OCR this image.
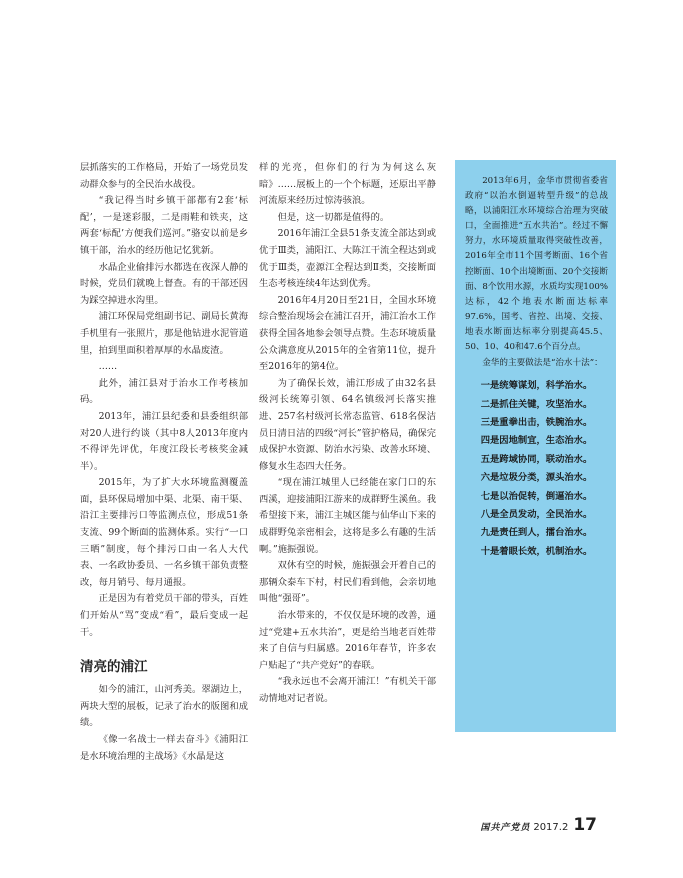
层抓落实的工作格局，开始了一场党员发动群众参与的全民治水战役。

“我记得当时乡镇干部都有2套‘标配’，一是迷彩服，二是雨鞋和铁夹，这两套‘标配’方便我们巡河。”骆安以前是乡镇干部，治水的经历他记忆犹新。

水晶企业偷排污水都选在夜深人静的时候，党员们就晚上督查。有的干部还因为踩空掉进水沟里。

浦江环保局党组副书记、副局长黄海手机里有一张照片，那是他钻进水泥管道里，拍到里面积着厚厚的水晶废渣。

……

此外，浦江县对于治水工作考核加码。

2013年，浦江县纪委和县委组织部对20人进行约谈（其中8人2013年度内不得评先评优，年度江段长考核奖金减半）。

2015年，为了扩大水环境监测覆盖面，县环保局增加中渠、北渠、南干渠、沿江主要排污口等监测点位，形成51条支流、99个断面的监测体系。实行“一口三晒”制度，每个排污口由一名人大代表、一名政协委员、一名乡镇干部负责整改，每月销号、每月通报。

正是因为有着党员干部的带头，百姓们开始从“骂”变成“看”，最后变成一起干。

清亮的浦江

如今的浦江，山河秀美。翠湖边上，两块大型的展板，记录了治水的版图和成绩。

《像一名战士一样去奋斗》《浦阳江是水环境治理的主战场》《水晶是这

样的光亮，但你们的行为为何这么灰暗》……展板上的一个个标题，还原出平静河流原来经历过惊涛骇浪。

但是，这一切都是值得的。

2016年浦江全县51条支流全部达到或优于Ⅲ类，浦阳江、大陈江干流全程达到或优于Ⅲ类，壶源江全程达到Ⅱ类，交接断面生态考核连续4年达到优秀。

2016年4月20日至21日，全国水环境综合整治现场会在浦江召开，浦江治水工作获得全国各地参会领导点赞。生态环境质量公众满意度从2015年的全省第11位，提升至2016年的第4位。

为了确保长效，浦江形成了由32名县级河长统筹引领、64名镇级河长落实推进、257名村级河长常态监管、618名保洁员日清日洁的四级“河长”管护格局，确保完成保护水资源、防治水污染、改善水环境、修复水生态四大任务。

“现在浦江城里人已经能在家门口的东西溪，迎接浦阳江游来的成群野生溪鱼。我希望接下来，浦江主城区能与仙华山下来的成群野兔亲密相会，这将是多么有趣的生活啊。”施振强说。

双休有空的时候，施振强会开着自己的那辆众泰车下村，村民们看到他，会亲切地叫他“强哥”。

治水带来的，不仅仅是环境的改善，通过“党建+五水共治”，更是给当地老百姓带来了自信与归属感。2016年春节，许多农户贴起了“共产党好”的春联。

“我永远也不会离开浦江！”有机关干部动情地对记者说。

2013年6月，金华市贯彻省委省政府“以治水倒逼转型升级”的总战略，以浦阳江水环境综合治理为突破口，全面推进“五水共治”。经过不懈努力，水环境质量取得突破性改善，2016年全市11个国考断面、16个省控断面、10个出境断面、20个交接断面、8个饮用水源，水质均实现100%达标，42个地表水断面达标率97.6%，国考、省控、出境、交接、地表水断面达标率分别提高45.5、50、10、40和47.6个百分点。

金华的主要做法是“治水十法”：

一是统筹谋划，科学治水。
二是抓住关键，攻坚治水。
三是重拳出击，铁腕治水。
四是因地制宜，生态治水。
五是跨域协同，联动治水。
六是垃圾分类，源头治水。
七是以治促转，倒逼治水。
八是全员发动，全民治水。
九是责任到人，擂台治水。
十是着眼长效，机制治水。
国共产党员 2017.2 17
